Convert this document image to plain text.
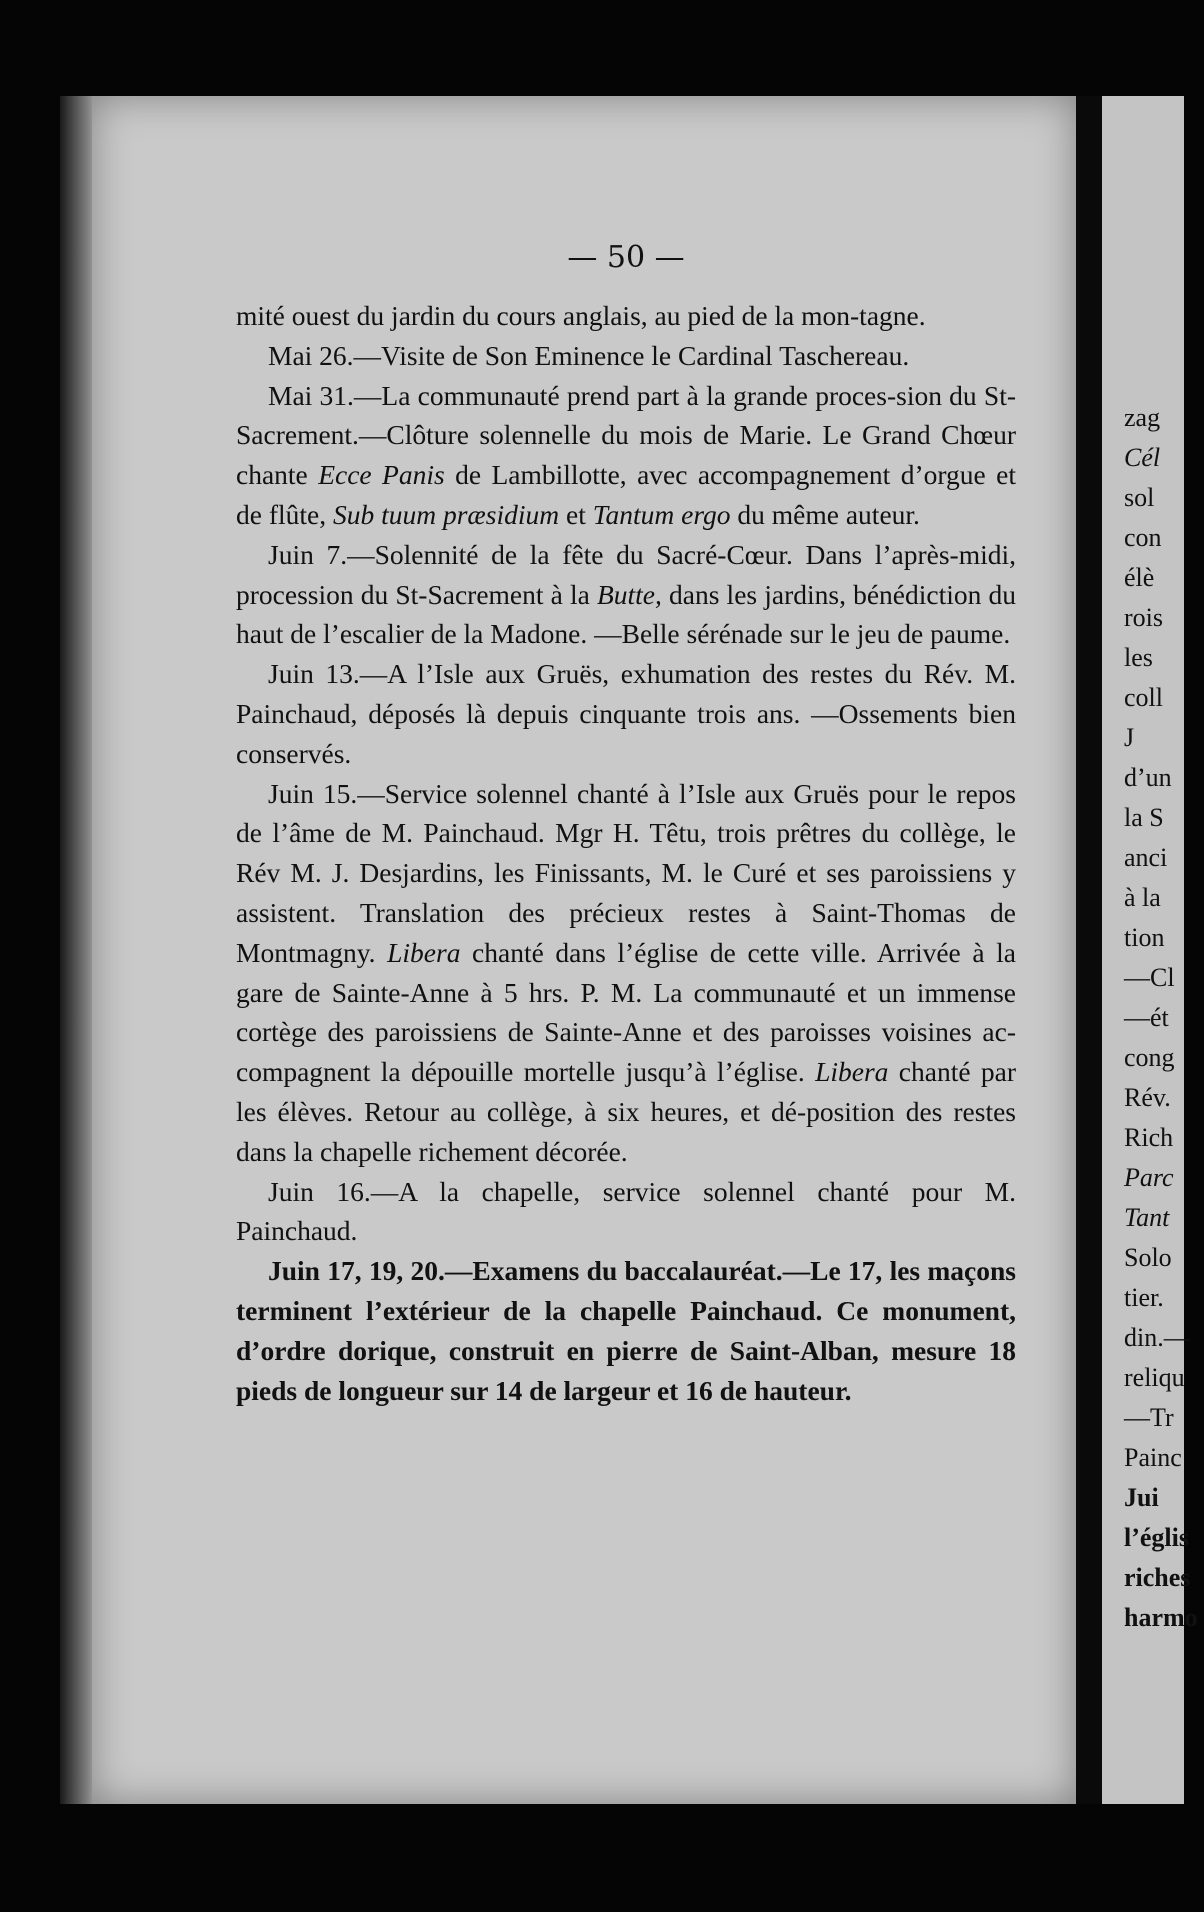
— 50 —

mité ouest du jardin du cours anglais, au pied de la mon-tagne.

Mai 26.—Visite de Son Eminence le Cardinal Taschereau.

Mai 31.—La communauté prend part à la grande proces-sion du St-Sacrement.—Clôture solennelle du mois de Marie. Le Grand Chœur chante Ecce Panis de Lambillotte, avec accompagnement d’orgue et de flûte, Sub tuum præsidium et Tantum ergo du même auteur.

Juin 7.—Solennité de la fête du Sacré-Cœur. Dans l’après-midi, procession du St-Sacrement à la Butte, dans les jardins, bénédiction du haut de l’escalier de la Madone. —Belle sérénade sur le jeu de paume.

Juin 13.—A l’Isle aux Gruës, exhumation des restes du Rév. M. Painchaud, déposés là depuis cinquante trois ans. —Ossements bien conservés.

Juin 15.—Service solennel chanté à l’Isle aux Gruës pour le repos de l’âme de M. Painchaud. Mgr H. Têtu, trois prêtres du collège, le Rév M. J. Desjardins, les Finissants, M. le Curé et ses paroissiens y assistent. Translation des précieux restes à Saint-Thomas de Montmagny. Libera chanté dans l’église de cette ville. Arrivée à la gare de Sainte-Anne à 5 hrs. P. M. La communauté et un immense cortège des paroissiens de Sainte-Anne et des paroisses voisines ac-compagnent la dépouille mortelle jusqu’à l’église. Libera chanté par les élèves. Retour au collège, à six heures, et dé-position des restes dans la chapelle richement décorée.

Juin 16.—A la chapelle, service solennel chanté pour M. Painchaud.

Juin 17, 19, 20.—Examens du baccalauréat.—Le 17, les maçons terminent l’extérieur de la chapelle Painchaud. Ce monument, d’ordre dorique, construit en pierre de Saint-Alban, mesure 18 pieds de longueur sur 14 de largeur et 16 de hauteur.

zag
Cél
sol
con
élè
rois
les
coll
J
d’un
la S
anci
à la
tion
—Cl
—ét
cong
Rév.
Rich
Parc
Tant
Solo
tier.
din.—
reliqu
—Tr
Painc
Jui
l’églis
riches
harmo
